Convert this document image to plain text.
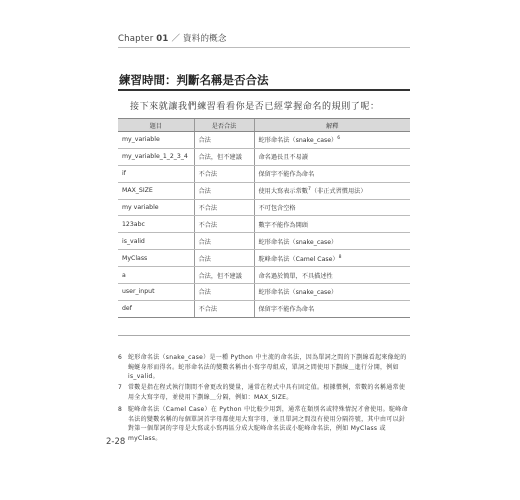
Chapter 01 ／ 資料的概念
練習時間：判斷名稱是否合法
接下來就讓我們練習看看你是否已經掌握命名的規則了呢：
題目	是否合法	解釋
my_variable	合法	蛇形命名法（snake_case）$^6$
my_variable_1_2_3_4	合法，但不建議	命名過長且不易讀
if	不合法	保留字不能作為命名
MAX_SIZE	合法	使用大寫表示常數$^7$（非正式習慣用法）
my variable	不合法	不可包含空格
123abc	不合法	數字不能作為開頭
is_valid	合法	蛇形命名法（snake_case）
MyClass	合法	駝峰命名法（Camel Case）$^8$
a	合法，但不建議	命名過於簡單，不具描述性
user_input	合法	蛇形命名法（snake_case）
def	不合法	保留字不能作為命名
6 蛇形命名法（snake_case）是一種 Python 中主流的命名法，因為單詞之間的下劃線看起來像蛇的蜿蜒身形而得名。蛇形命名法的變數名稱由小寫字母組成，單詞之間使用下劃線＿進行分開，例如 is_valid。
7 常數是指在程式執行期間不會更改的變量，通常在程式中具有固定值。根據慣例，常數的名稱通常使用全大寫字母，並使用下劃線＿分隔，例如：MAX_SIZE。
8 駝峰命名法（Camel Case）在 Python 中比較少用到，通常在類別名或特殊情況才會使用。駝峰命名法的變數名稱的每個單詞首字母都使用大寫字母，並且單詞之間沒有使用分隔符號，其中由可以針對第一個單詞的字母是大寫或小寫再區分成大駝峰命名法或小駝峰命名法，例如 MyClass 或 myClass。
2-28
